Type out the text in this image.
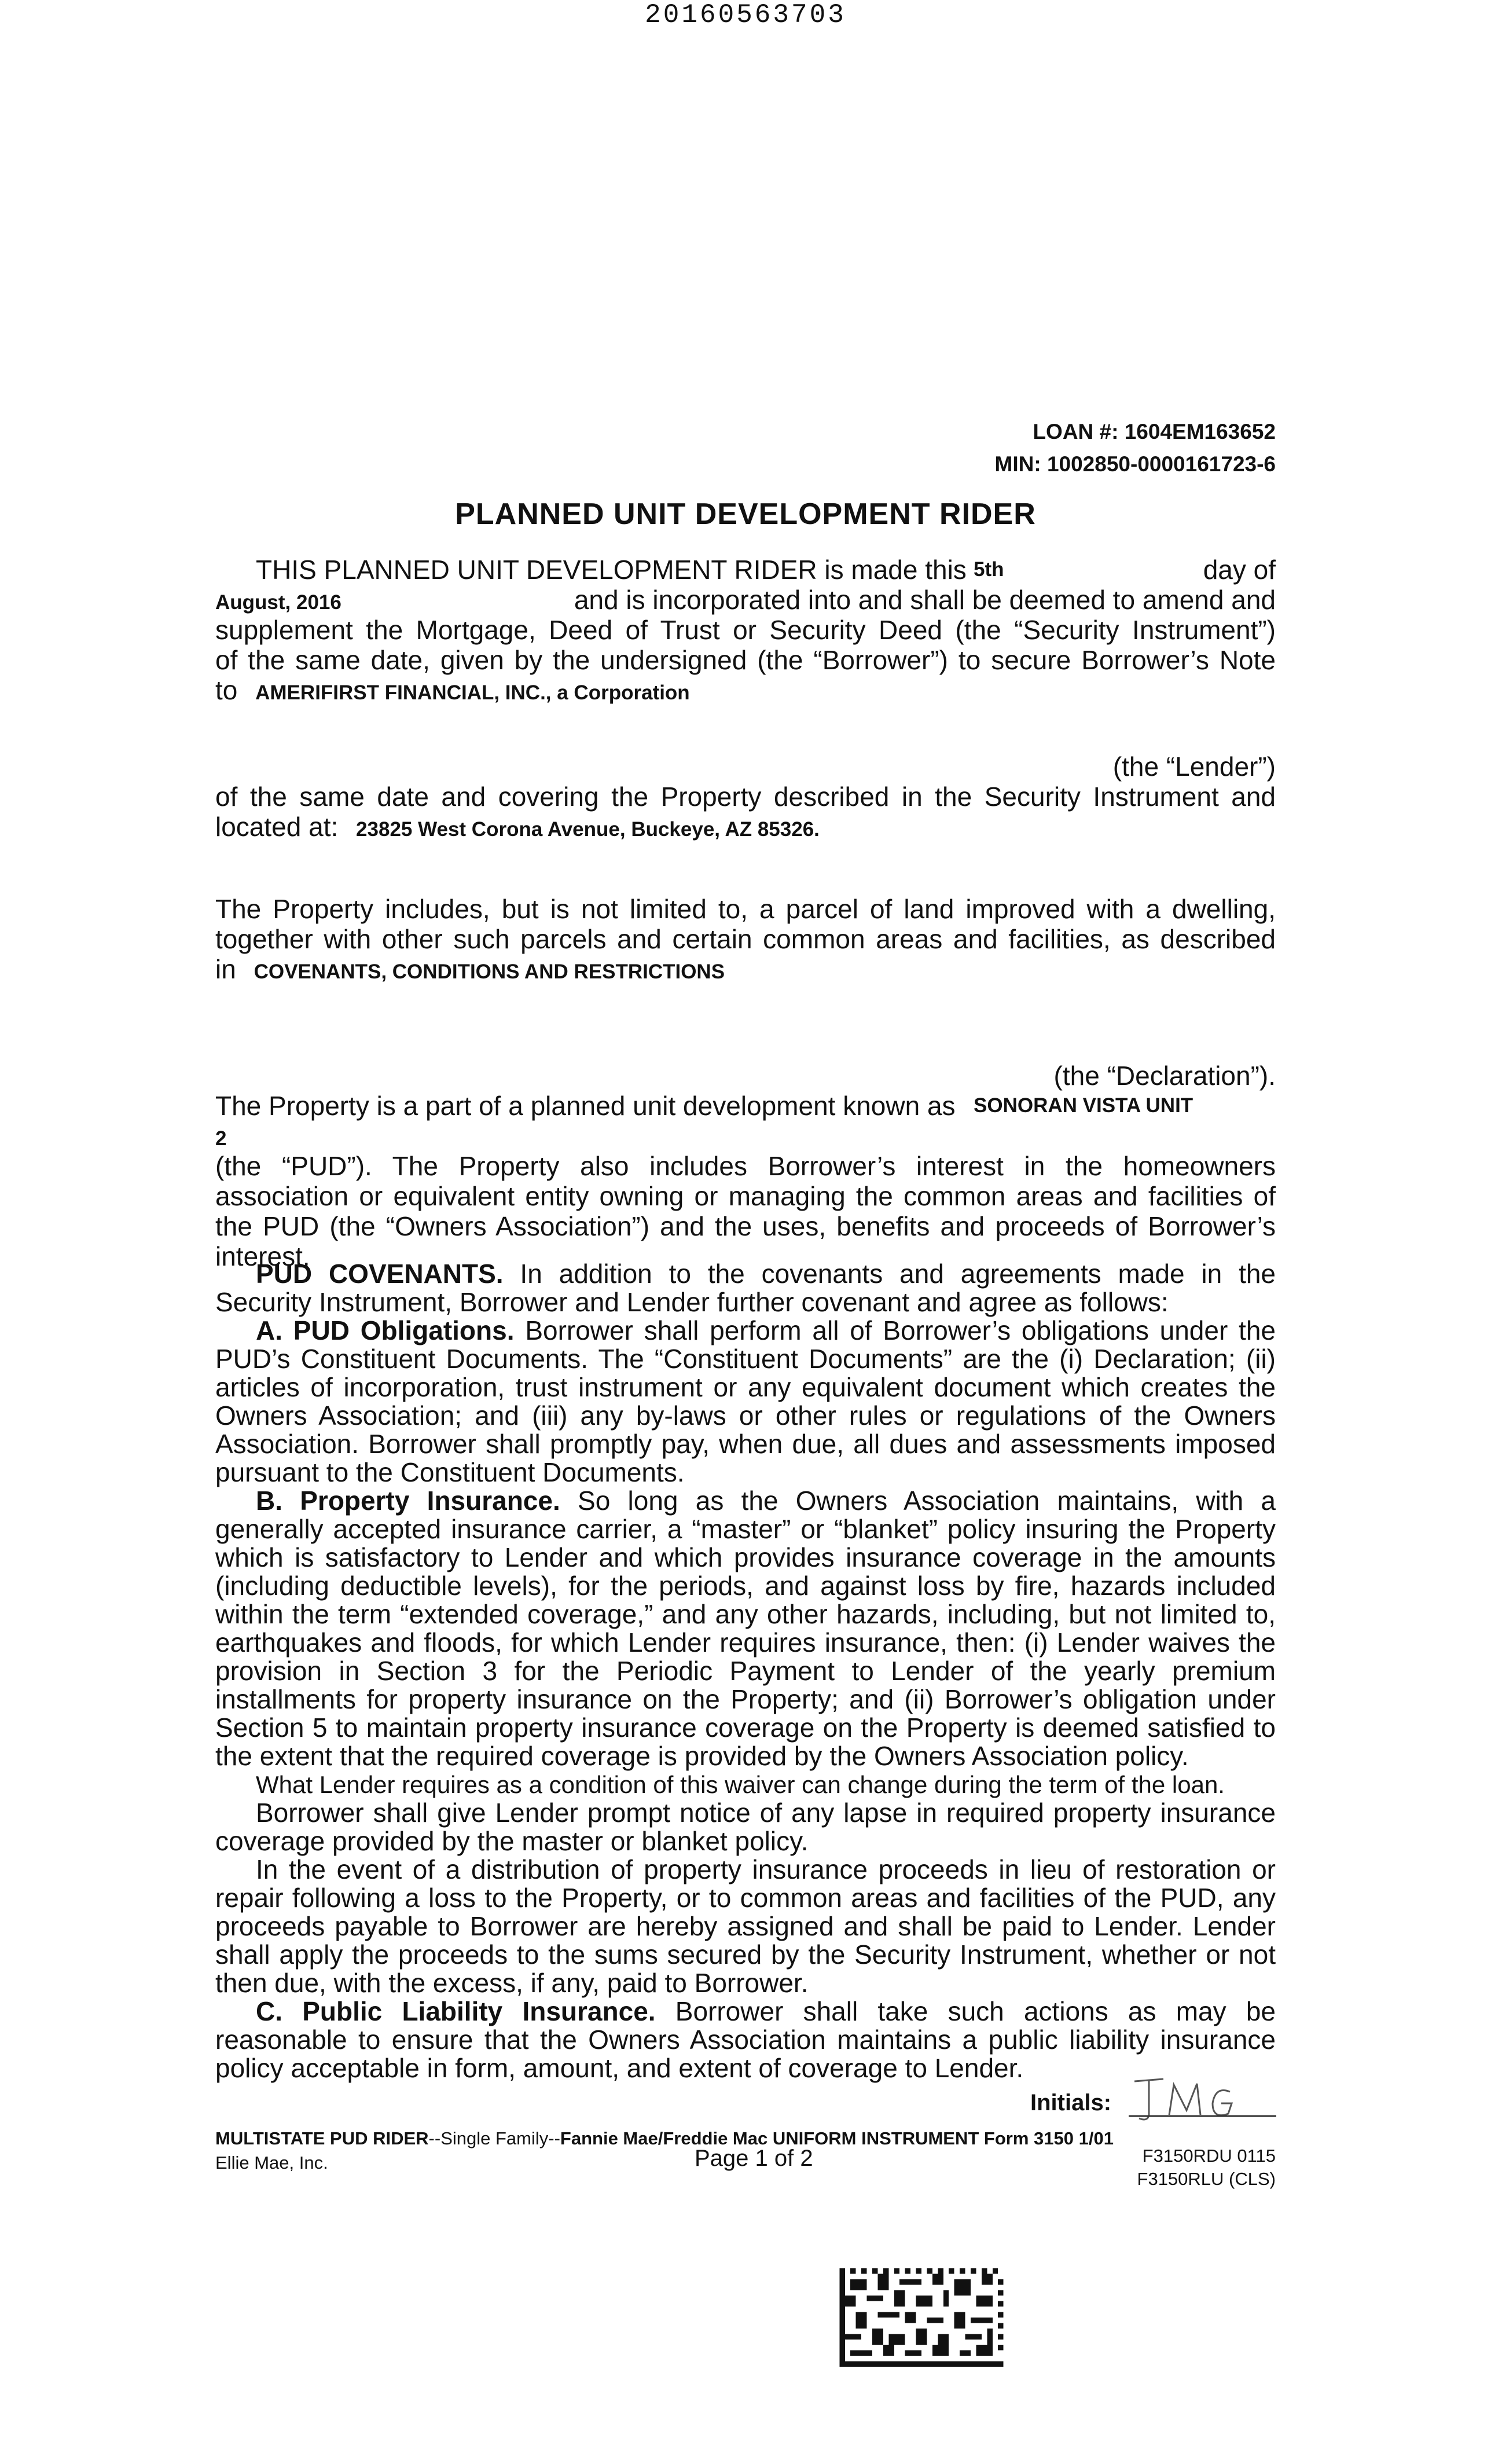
20160563703
LOAN #: 1604EM163652
MIN: 1002850-0000161723-6
PLANNED UNIT DEVELOPMENT RIDER
THIS PLANNED UNIT DEVELOPMENT RIDER is made this 5th	day of
August, 2016	and is incorporated into and shall be deemed to amend and
supplement the Mortgage, Deed of Trust or Security Deed (the “Security Instrument”)
of the same date, given by the undersigned (the “Borrower”) to secure Borrower’s Note
to AMERIFIRST FINANCIAL, INC., a Corporation
(the “Lender”)
of the same date and covering the Property described in the Security Instrument and
located at: 23825 West Corona Avenue, Buckeye, AZ 85326.
The Property includes, but is not limited to, a parcel of land improved with a dwelling,
together with other such parcels and certain common areas and facilities, as described
in COVENANTS, CONDITIONS AND RESTRICTIONS
(the “Declaration”).
The Property is a part of a planned unit development known as SONORAN VISTA UNIT
2

(the “PUD”). The Property also includes Borrower’s interest in the homeowners association or equivalent entity owning or managing the common areas and facilities of the PUD (the “Owners Association”) and the uses, benefits and proceeds of Borrower’s interest.

PUD COVENANTS. In addition to the covenants and agreements made in the Security Instrument, Borrower and Lender further covenant and agree as follows:

A. PUD Obligations. Borrower shall perform all of Borrower’s obligations under the PUD’s Constituent Documents. The “Constituent Documents” are the (i) Declaration; (ii) articles of incorporation, trust instrument or any equivalent document which creates the Owners Association; and (iii) any by-laws or other rules or regulations of the Owners Association. Borrower shall promptly pay, when due, all dues and assessments imposed pursuant to the Constituent Documents.

B. Property Insurance. So long as the Owners Association maintains, with a generally accepted insurance carrier, a “master” or “blanket” policy insuring the Property which is satisfactory to Lender and which provides insurance coverage in the amounts (including deductible levels), for the periods, and against loss by fire, hazards included within the term “extended coverage,” and any other hazards, including, but not limited to, earthquakes and floods, for which Lender requires insurance, then: (i) Lender waives the provision in Section 3 for the Periodic Payment to Lender of the yearly premium installments for property insurance on the Property; and (ii) Borrower’s obligation under Section 5 to maintain property insurance coverage on the Property is deemed satisfied to the extent that the required coverage is provided by the Owners Association policy.

What Lender requires as a condition of this waiver can change during the term of the loan.

Borrower shall give Lender prompt notice of any lapse in required property insurance coverage provided by the master or blanket policy.

In the event of a distribution of property insurance proceeds in lieu of restoration or repair following a loss to the Property, or to common areas and facilities of the PUD, any proceeds payable to Borrower are hereby assigned and shall be paid to Lender. Lender shall apply the proceeds to the sums secured by the Security Instrument, whether or not then due, with the excess, if any, paid to Borrower.

C. Public Liability Insurance. Borrower shall take such actions as may be reasonable to ensure that the Owners Association maintains a public liability insurance policy acceptable in form, amount, and extent of coverage to Lender.

Initials:
MULTISTATE PUD RIDER--Single Family--Fannie Mae/Freddie Mac UNIFORM INSTRUMENT Form 3150 1/01
Ellie Mae, Inc.	Page 1 of 2	F3150RDU 0115
F3150RLU (CLS)
